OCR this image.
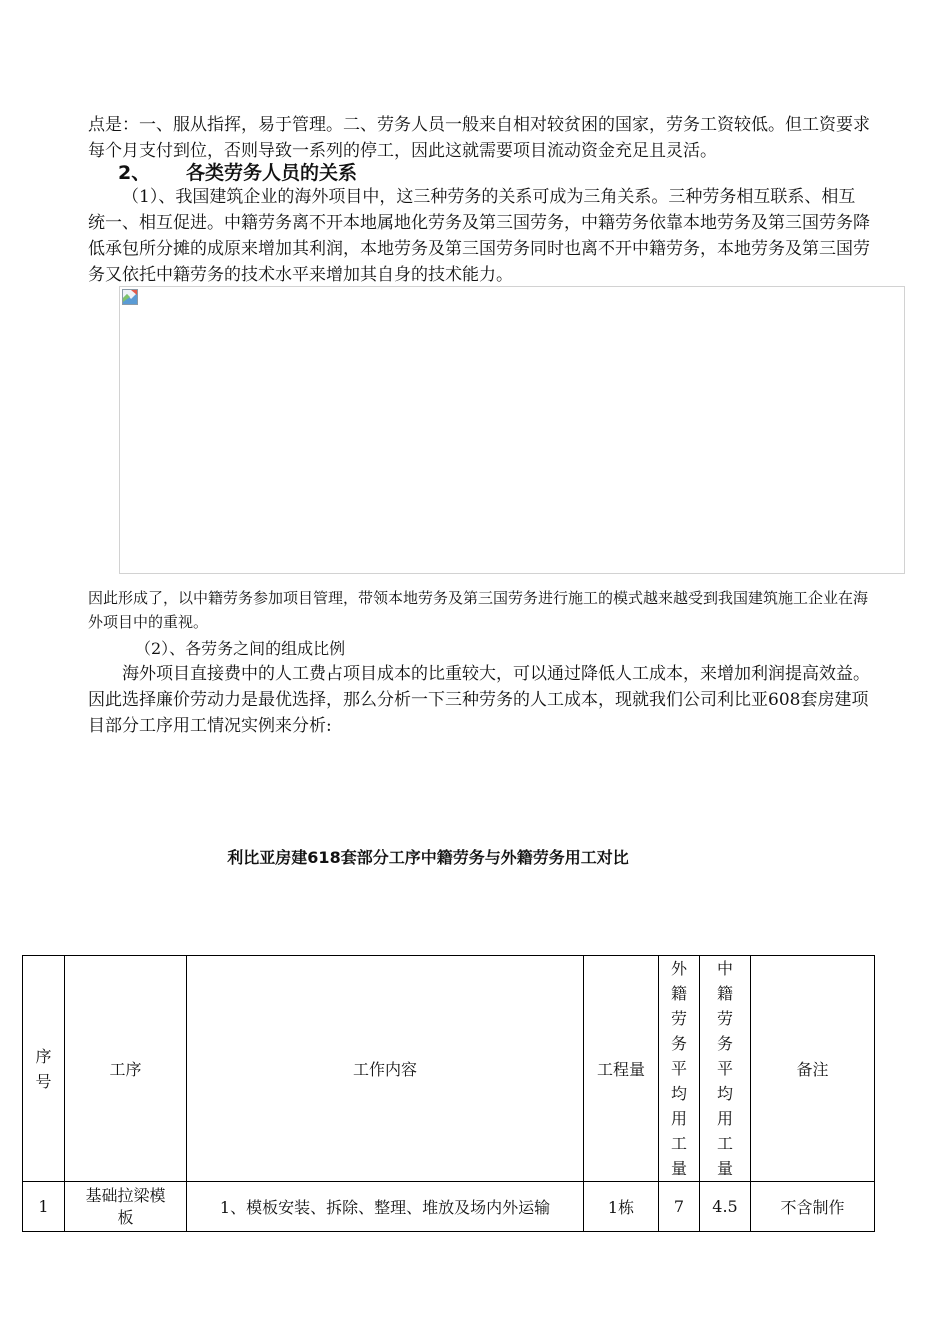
点是：一、服从指挥，易于管理。二、劳务人员一般来自相对较贫困的国家，劳务工资较低。但工资要求每个月支付到位，否则导致一系列的停工，因此这就需要项目流动资金充足且灵活。

2、 各类劳务人员的关系

（1）、我国建筑企业的海外项目中，这三种劳务的关系可成为三角关系。三种劳务相互联系、相互统一、相互促进。中籍劳务离不开本地属地化劳务及第三国劳务，中籍劳务依靠本地劳务及第三国劳务降低承包所分摊的成原来增加其利润，本地劳务及第三国劳务同时也离不开中籍劳务，本地劳务及第三国劳务又依托中籍劳务的技术水平来增加其自身的技术能力。

因此形成了，以中籍劳务参加项目管理，带领本地劳务及第三国劳务进行施工的模式越来越受到我国建筑施工企业在海外项目中的重视。

（2）、各劳务之间的组成比例

海外项目直接费中的人工费占项目成本的比重较大，可以通过降低人工成本，来增加利润提高效益。因此选择廉价劳动力是最优选择，那么分析一下三种劳务的人工成本，现就我们公司利比亚608套房建项目部分工序用工情况实例来分析:

利比亚房建618套部分工序中籍劳务与外籍劳务用工对比

序号	工序	工作内容	工程量	外籍劳务平均用工量	中籍劳务平均用工量	备注
1	基础拉梁模板	1、模板安装、拆除、整理、堆放及场内外运输	1栋	7	4.5	不含制作
